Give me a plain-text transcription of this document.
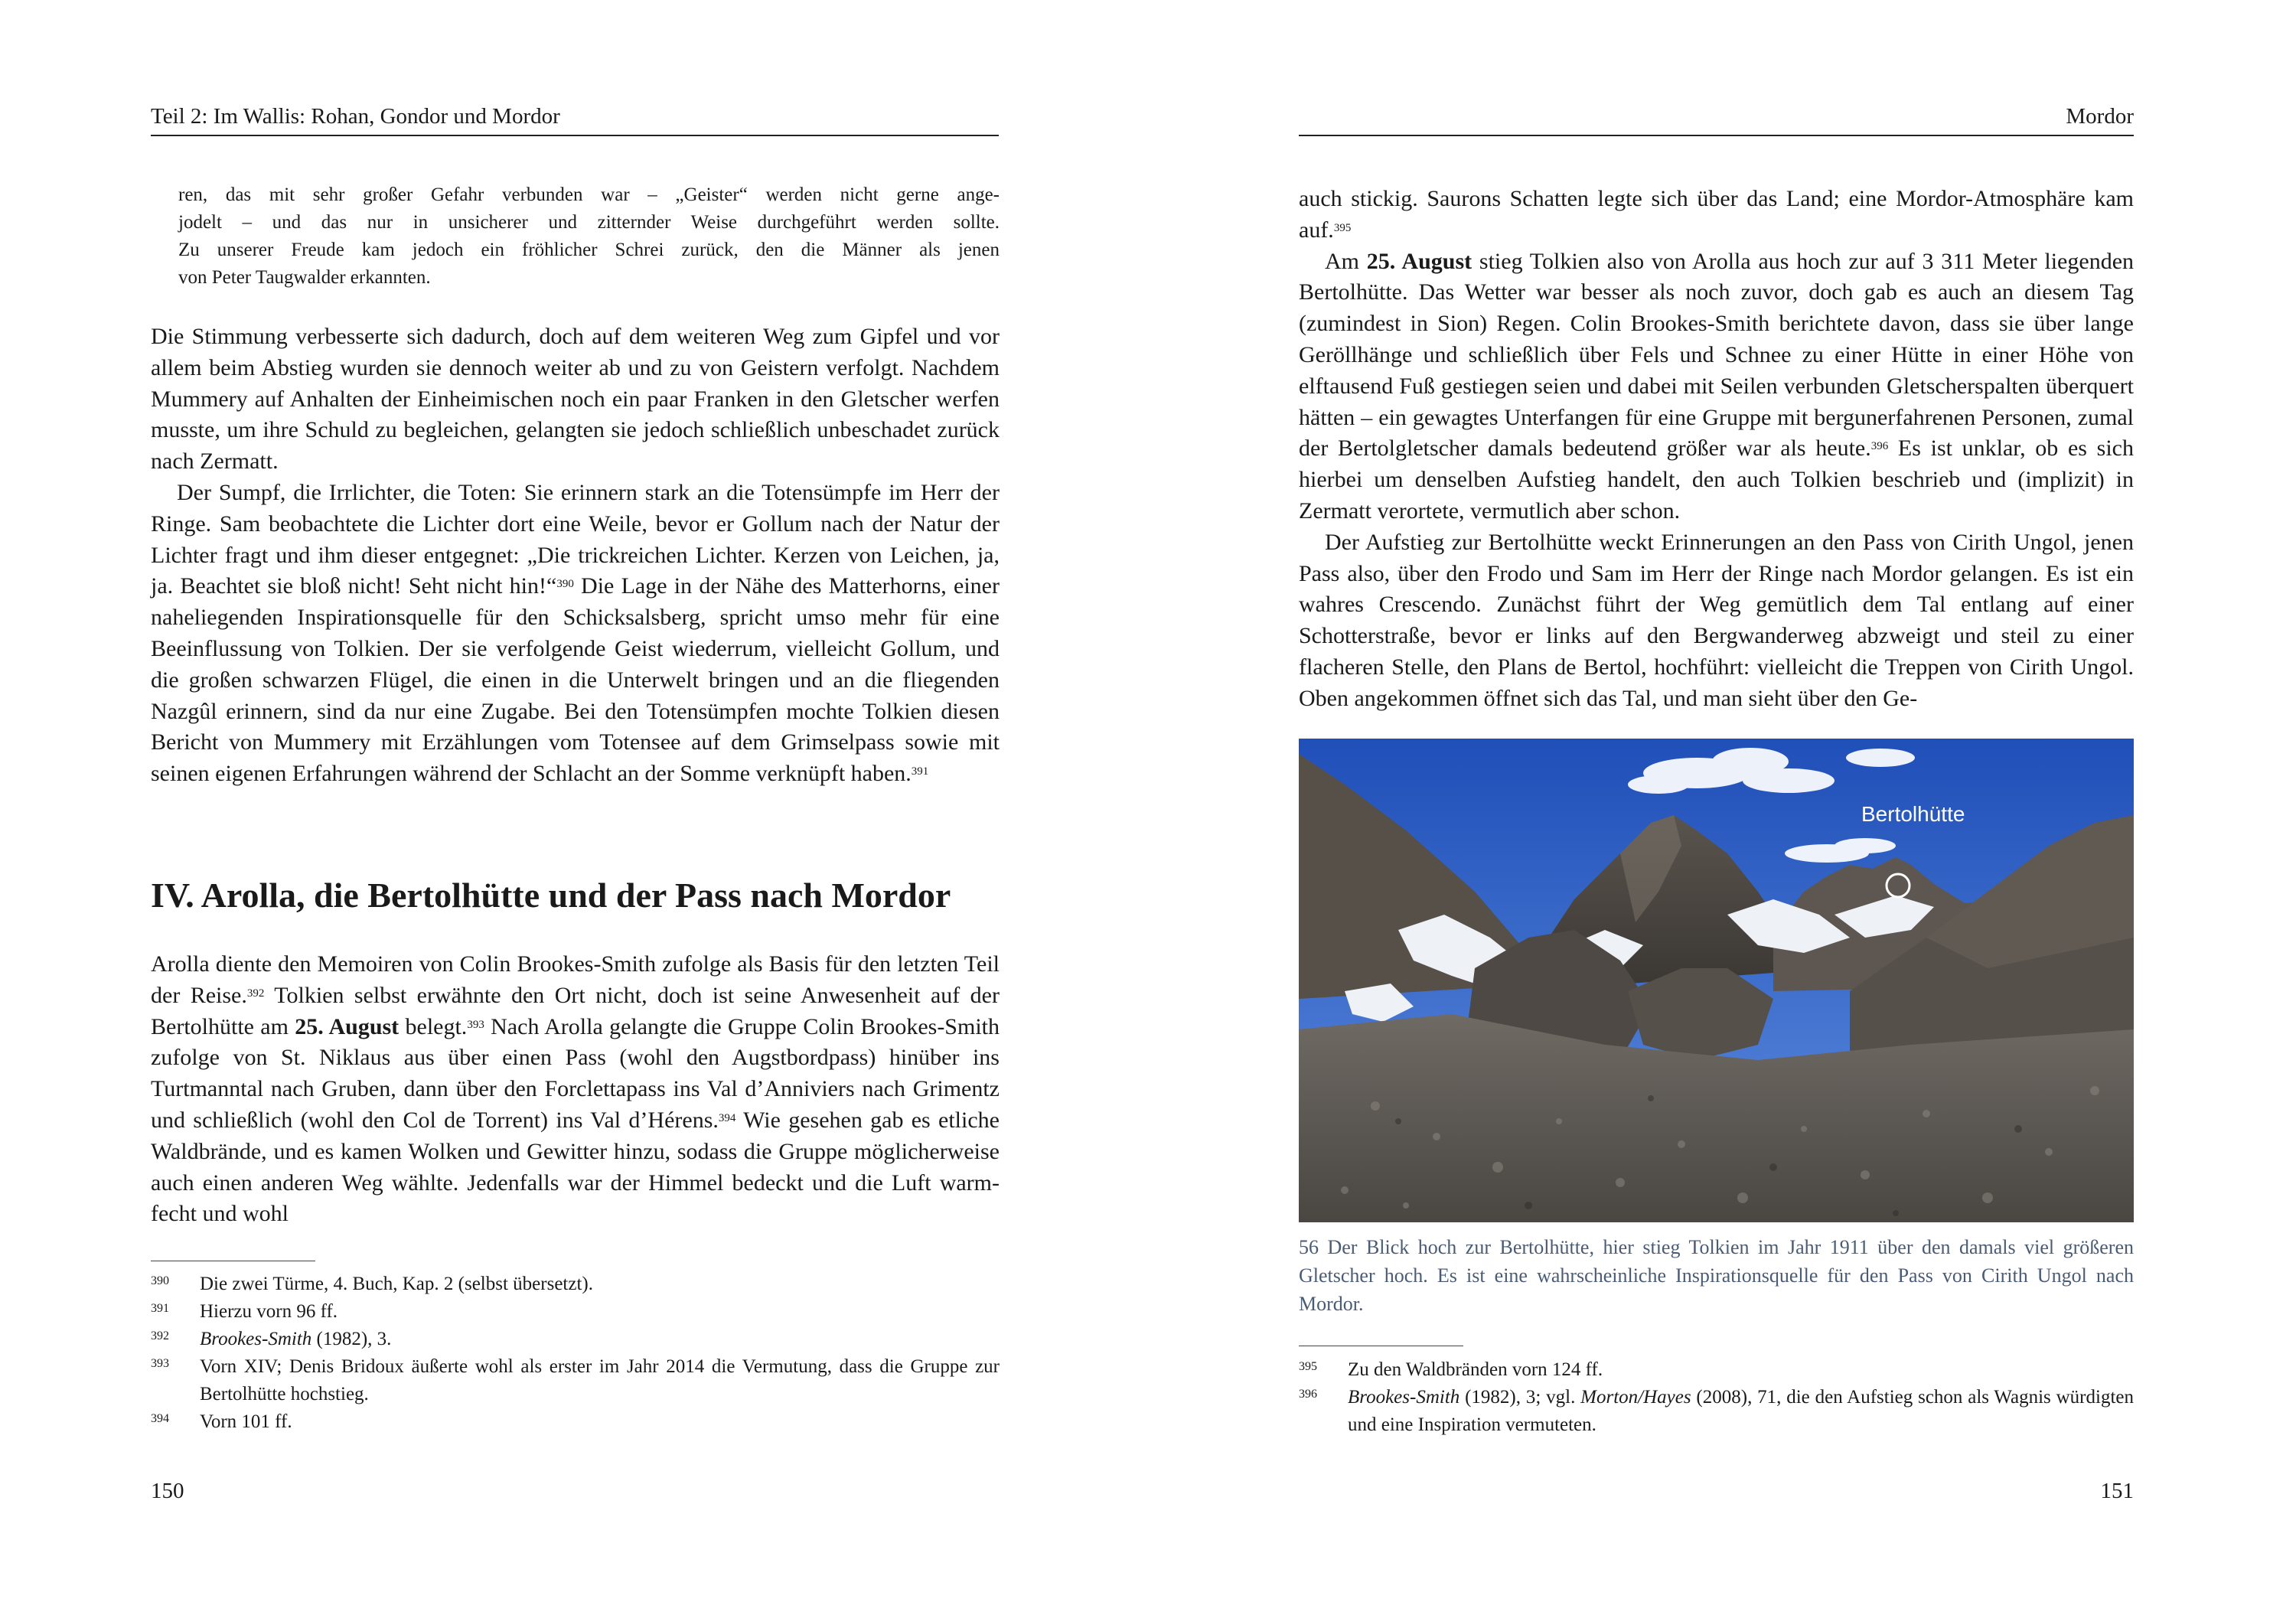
Teil 2: Im Wallis: Rohan, Gondor und Mordor
ren, das mit sehr großer Gefahr verbunden war – „Geister“ werden nicht gerne ange-
jodelt – und das nur in unsicherer und zitternder Weise durchgeführt werden sollte.
Zu unserer Freude kam jedoch ein fröhlicher Schrei zurück, den die Männer als jenen
von Peter Taugwalder erkannten.

Die Stimmung verbesserte sich dadurch, doch auf dem weiteren Weg zum Gipfel und vor allem beim Abstieg wurden sie dennoch weiter ab und zu von Geistern verfolgt. Nachdem Mummery auf Anhalten der Einheimischen noch ein paar Franken in den Gletscher werfen musste, um ihre Schuld zu begleichen, gelangten sie jedoch schließlich unbeschadet zurück nach Zermatt.

Der Sumpf, die Irrlichter, die Toten: Sie erinnern stark an die Totensümpfe im Herr der Ringe. Sam beobachtete die Lichter dort eine Weile, bevor er Gollum nach der Natur der Lichter fragt und ihm dieser entgegnet: „Die trickreichen Lichter. Kerzen von Leichen, ja, ja. Beachtet sie bloß nicht! Seht nicht hin!“$^{390}$ Die Lage in der Nähe des Matterhorns, einer naheliegenden Inspirationsquelle für den Schicksalsberg, spricht umso mehr für eine Beeinflussung von Tolkien. Der sie verfolgende Geist wiederrum, vielleicht Gollum, und die großen schwarzen Flügel, die einen in die Unterwelt bringen und an die fliegenden Nazgûl erinnern, sind da nur eine Zugabe. Bei den Totensümpfen mochte Tolkien diesen Bericht von Mummery mit Erzählungen vom Totensee auf dem Grimselpass sowie mit seinen eigenen Erfahrungen während der Schlacht an der Somme verknüpft haben.$^{391}$

IV. Arolla, die Bertolhütte und der Pass nach Mordor

Arolla diente den Memoiren von Colin Brookes-Smith zufolge als Basis für den letzten Teil der Reise.$^{392}$ Tolkien selbst erwähnte den Ort nicht, doch ist seine Anwesenheit auf der Bertolhütte am 25. August belegt.$^{393}$ Nach Arolla gelangte die Gruppe Colin Brookes-Smith zufolge von St. Niklaus aus über einen Pass (wohl den Augstbordpass) hinüber ins Turtmanntal nach Gruben, dann über den Forclettapass ins Val d’Anniviers nach Grimentz und schließlich (wohl den Col de Torrent) ins Val d’Hérens.$^{394}$ Wie gesehen gab es etliche Waldbrände, und es kamen Wolken und Gewitter hinzu, sodass die Gruppe möglicherweise auch einen anderen Weg wählte. Jedenfalls war der Himmel bedeckt und die Luft warm-fecht und wohl

390	Die zwei Türme, 4. Buch, Kap. 2 (selbst übersetzt).
391	Hierzu vorn 96 ff.
392	Brookes-Smith (1982), 3.
393	Vorn XIV; Denis Bridoux äußerte wohl als erster im Jahr 2014 die Vermutung, dass die Gruppe zur Bertolhütte hochstieg.
394	Vorn 101 ff.
150
Mordor

auch stickig. Saurons Schatten legte sich über das Land; eine Mordor-Atmosphäre kam auf.$^{395}$

Am 25. August stieg Tolkien also von Arolla aus hoch zur auf 3 311 Meter liegenden Bertolhütte. Das Wetter war besser als noch zuvor, doch gab es auch an diesem Tag (zumindest in Sion) Regen. Colin Brookes-Smith berichtete davon, dass sie über lange Geröllhänge und schließlich über Fels und Schnee zu einer Hütte in einer Höhe von elftausend Fuß gestiegen seien und dabei mit Seilen verbunden Gletscherspalten überquert hätten – ein gewagtes Unterfangen für eine Gruppe mit bergunerfahrenen Personen, zumal der Bertolgletscher damals bedeutend größer war als heute.$^{396}$ Es ist unklar, ob es sich hierbei um denselben Aufstieg handelt, den auch Tolkien beschrieb und (implizit) in Zermatt verortete, vermutlich aber schon.

Der Aufstieg zur Bertolhütte weckt Erinnerungen an den Pass von Cirith Ungol, jenen Pass also, über den Frodo und Sam im Herr der Ringe nach Mordor gelangen. Es ist ein wahres Crescendo. Zunächst führt der Weg gemütlich dem Tal entlang auf einer Schotterstraße, bevor er links auf den Bergwanderweg abzweigt und steil zu einer flacheren Stelle, den Plans de Bertol, hochführt: vielleicht die Treppen von Cirith Ungol. Oben angekommen öffnet sich das Tal, und man sieht über den Ge-

Bertolhütte
56 Der Blick hoch zur Bertolhütte, hier stieg Tolkien im Jahr 1911 über den damals viel größeren Gletscher hoch. Es ist eine wahrscheinliche Inspirationsquelle für den Pass von Cirith Ungol nach Mordor.
395	Zu den Waldbränden vorn 124 ff.
396	Brookes-Smith (1982), 3; vgl. Morton/Hayes (2008), 71, die den Aufstieg schon als Wagnis würdigten und eine Inspiration vermuteten.
151
